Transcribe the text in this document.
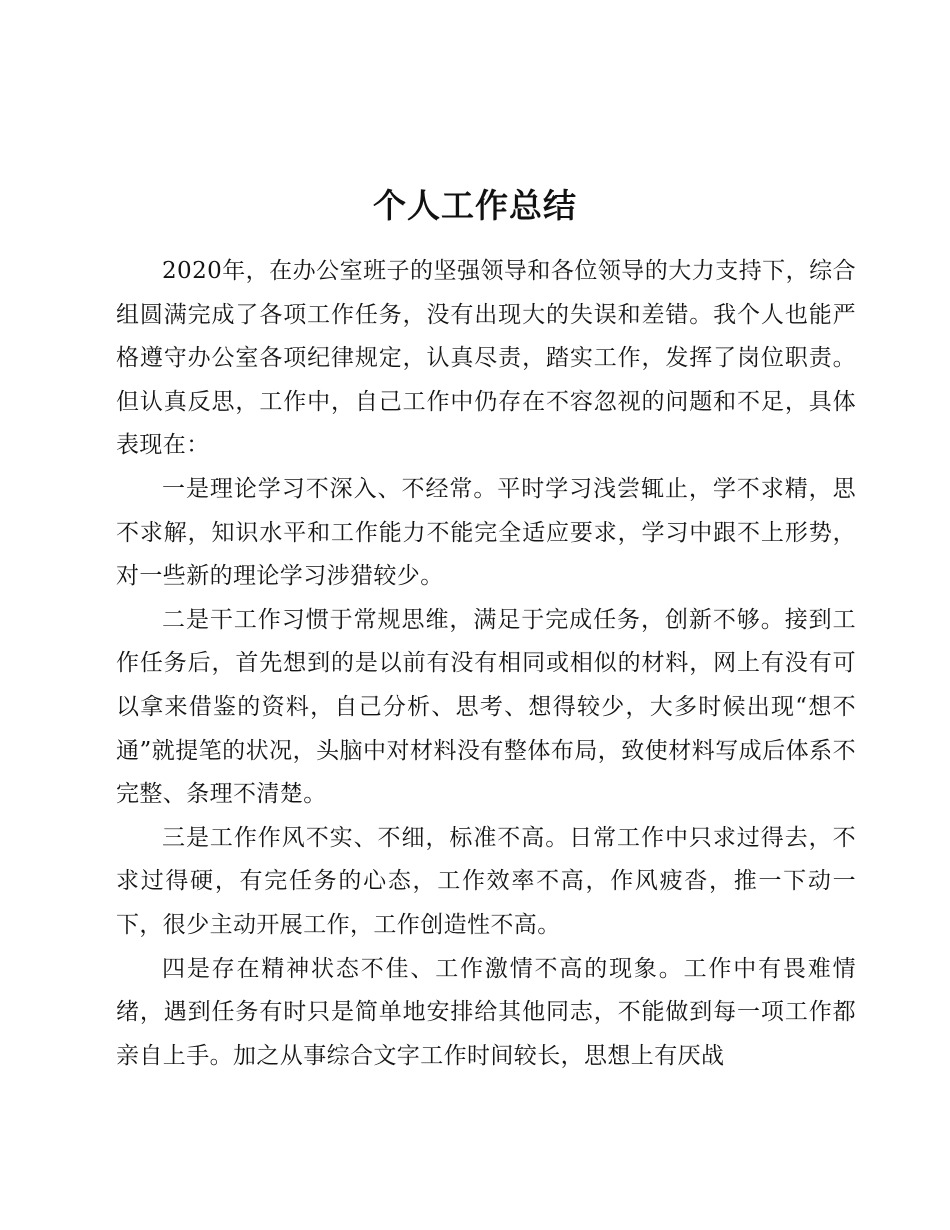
个人工作总结

2020年，在办公室班子的坚强领导和各位领导的大力支持下，综合组圆满完成了各项工作任务，没有出现大的失误和差错。我个人也能严格遵守办公室各项纪律规定，认真尽责，踏实工作，发挥了岗位职责。但认真反思，工作中，自己工作中仍存在不容忽视的问题和不足，具体表现在：

一是理论学习不深入、不经常。平时学习浅尝辄止，学不求精，思不求解，知识水平和工作能力不能完全适应要求，学习中跟不上形势，对一些新的理论学习涉猎较少。

二是干工作习惯于常规思维，满足于完成任务，创新不够。接到工作任务后，首先想到的是以前有没有相同或相似的材料，网上有没有可以拿来借鉴的资料，自己分析、思考、想得较少，大多时候出现“想不通”就提笔的状况，头脑中对材料没有整体布局，致使材料写成后体系不完整、条理不清楚。

三是工作作风不实、不细，标准不高。日常工作中只求过得去，不求过得硬，有完任务的心态，工作效率不高，作风疲沓，推一下动一下，很少主动开展工作，工作创造性不高。

四是存在精神状态不佳、工作激情不高的现象。工作中有畏难情绪，遇到任务有时只是简单地安排给其他同志，不能做到每一项工作都亲自上手。加之从事综合文字工作时间较长，思想上有厌战
